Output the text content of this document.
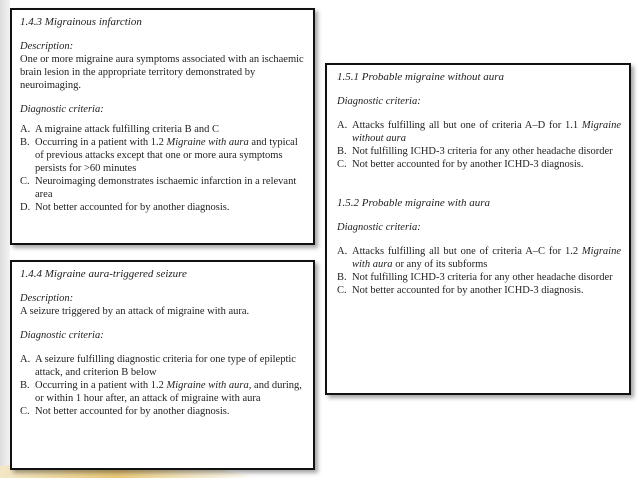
1.4.3 Migrainous infarction

Description:

One or more migraine aura symptoms associated with an ischaemic brain lesion in the appropriate territory demonstrated by neuroimaging.

Diagnostic criteria:

A. A migraine attack fulfilling criteria B and C
B. Occurring in a patient with 1.2 Migraine with aura and typical of previous attacks except that one or more aura symptoms persists for >60 minutes
C. Neuroimaging demonstrates ischaemic infarction in a relevant area
D. Not better accounted for by another diagnosis.

1.4.4 Migraine aura-triggered seizure

Description:

A seizure triggered by an attack of migraine with aura.

Diagnostic criteria:

A. A seizure fulfilling diagnostic criteria for one type of epileptic attack, and criterion B below
B. Occurring in a patient with 1.2 Migraine with aura, and during, or within 1 hour after, an attack of migraine with aura
C. Not better accounted for by another diagnosis.

1.5.1 Probable migraine without aura

Diagnostic criteria:

A. Attacks fulfilling all but one of criteria A–D for 1.1 Migraine without aura
B. Not fulfilling ICHD-3 criteria for any other headache disorder
C. Not better accounted for by another ICHD-3 diagnosis.

1.5.2 Probable migraine with aura

Diagnostic criteria:

A. Attacks fulfilling all but one of criteria A–C for 1.2 Migraine with aura or any of its subforms
B. Not fulfilling ICHD-3 criteria for any other headache disorder
C. Not better accounted for by another ICHD-3 diagnosis.
